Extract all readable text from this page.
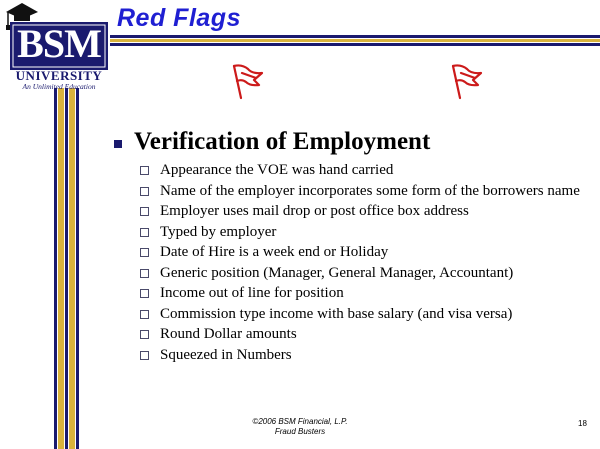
BSM
UNIVERSITY
An Unlimited Education
Red Flags
Verification of Employment
Appearance the VOE was hand carried
Name of the employer incorporates some form of the borrowers name
Employer uses mail drop or post office box address
Typed by employer
Date of Hire is a week end or Holiday
Generic position (Manager, General Manager, Accountant)
Income out of line for position
Commission type income with base salary (and visa versa)
Round Dollar amounts
Squeezed in Numbers
©2006 BSM Financial, L.P.
Fraud Busters
18
